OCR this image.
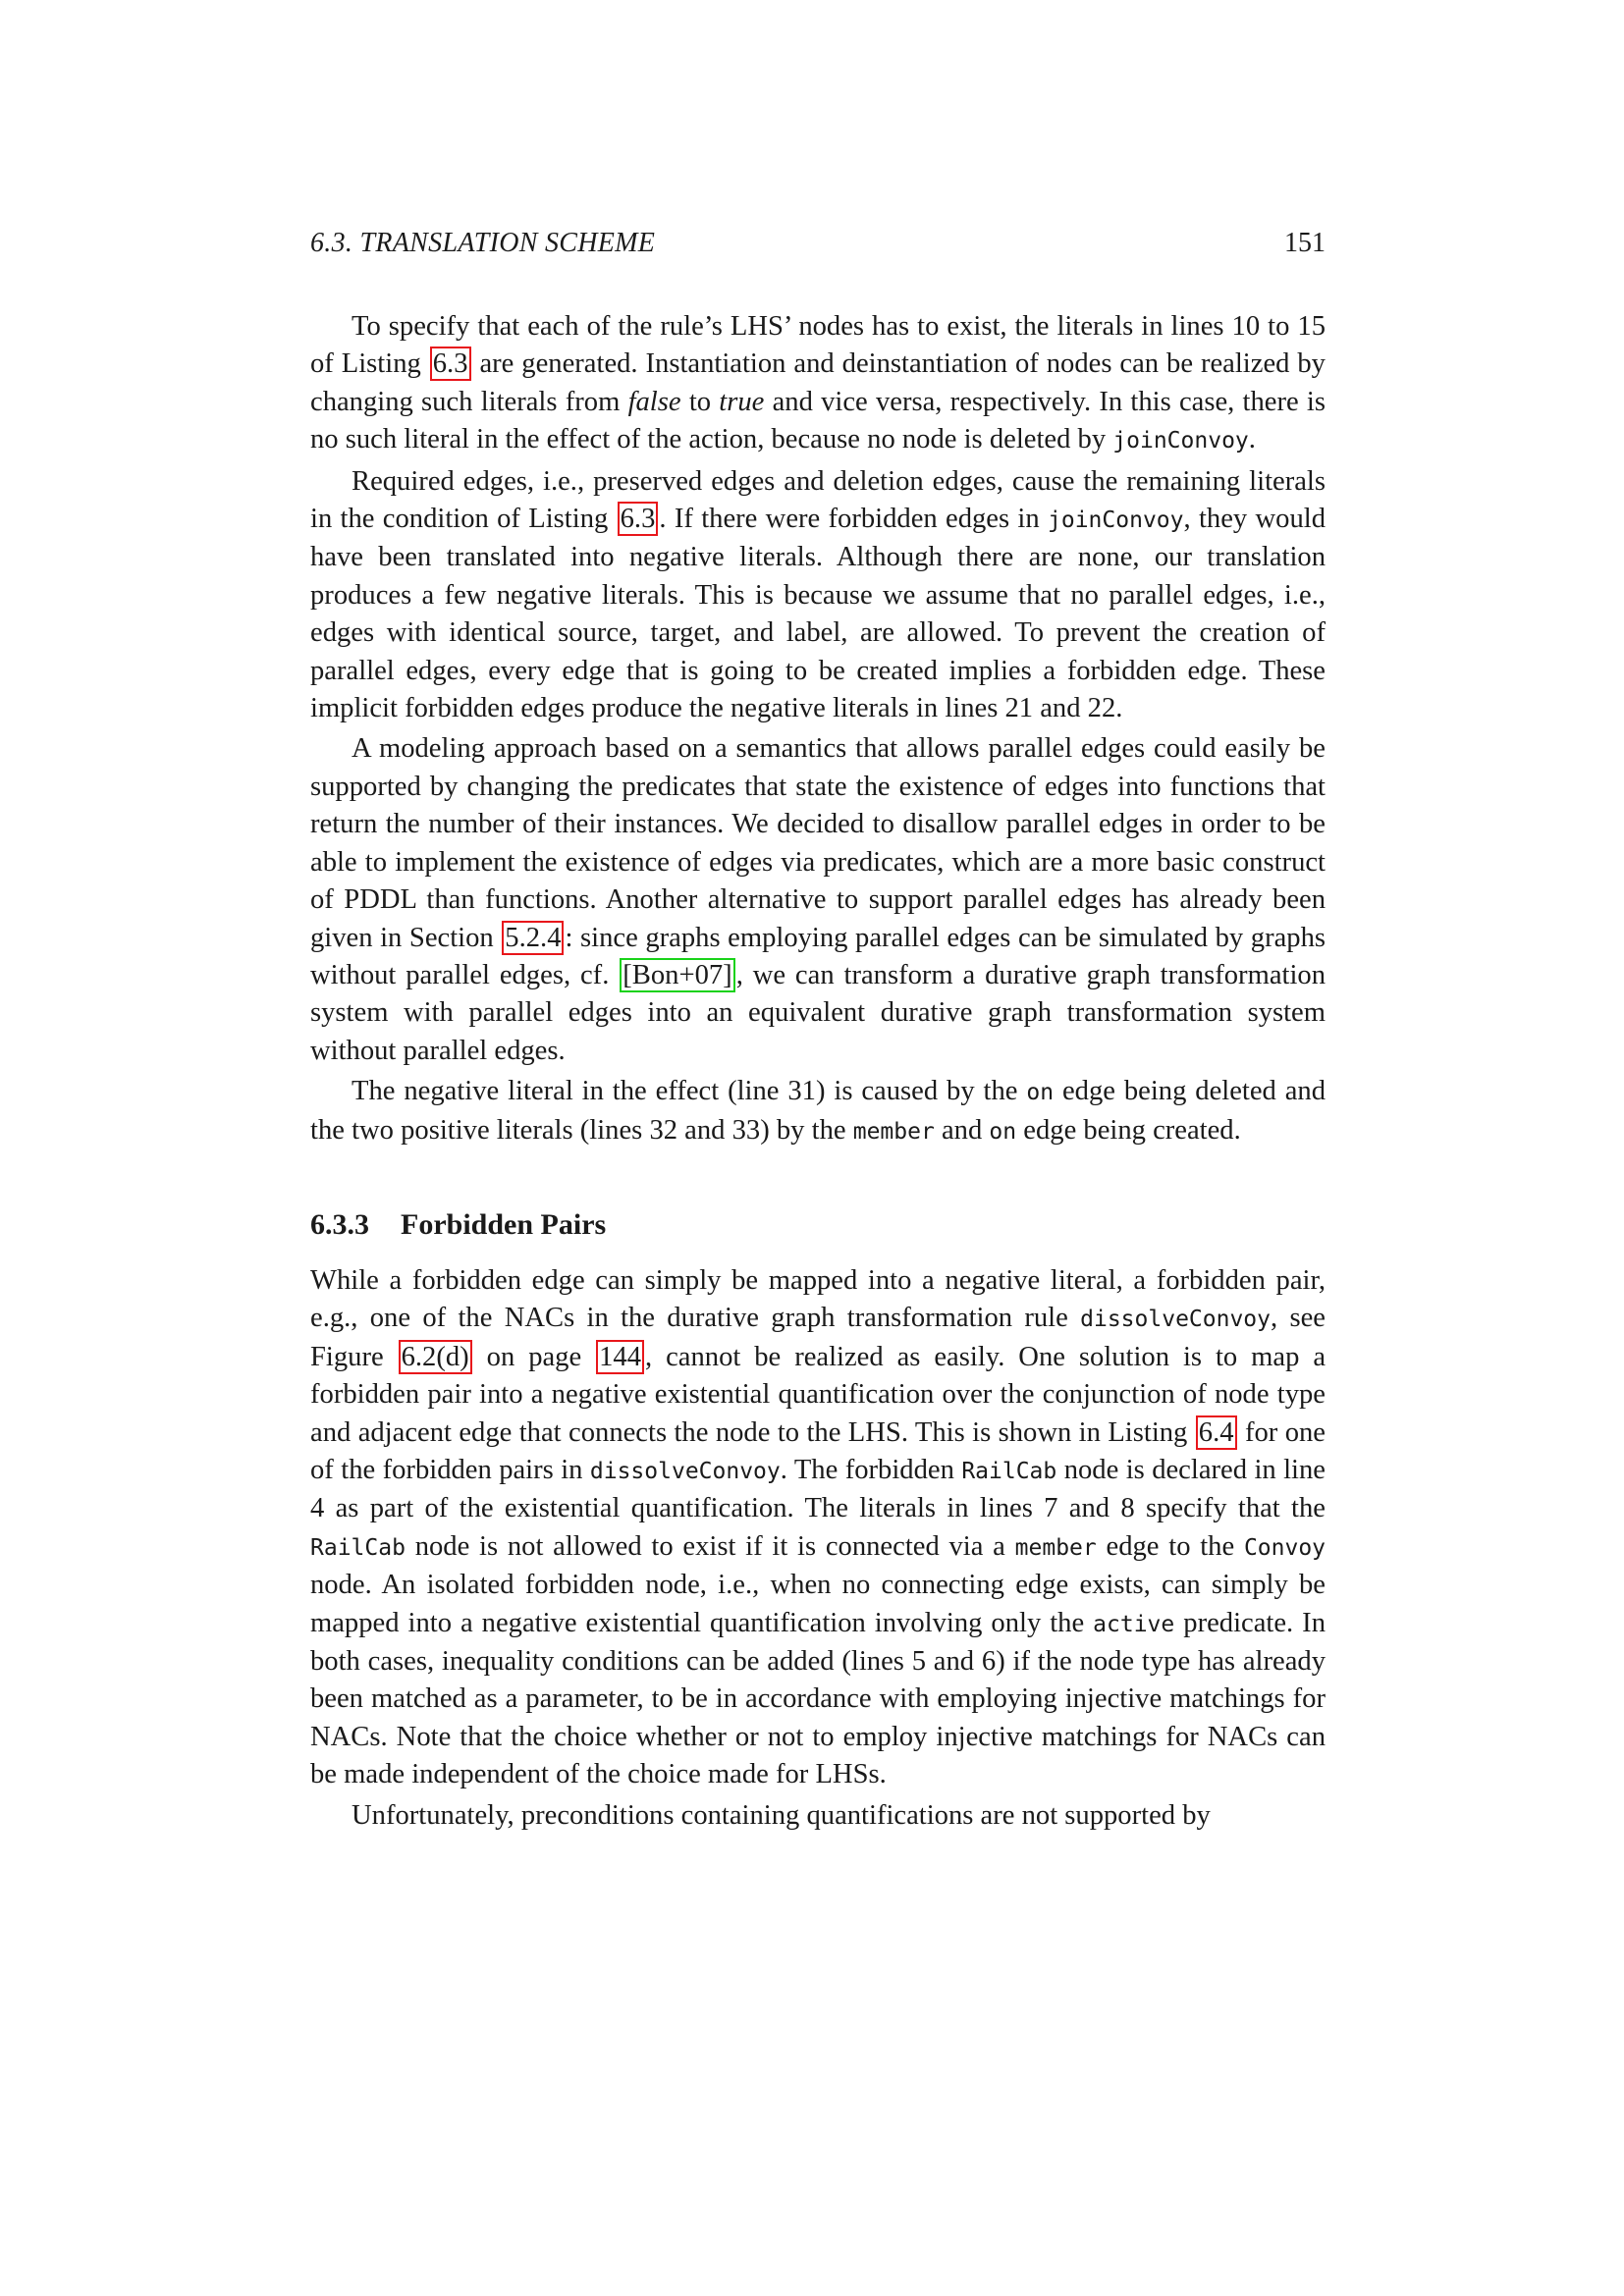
6.3. TRANSLATION SCHEME	151

To specify that each of the rule’s LHS’ nodes has to exist, the literals in lines 10 to 15 of Listing 6.3 are generated. Instantiation and deinstantiation of nodes can be realized by changing such literals from false to true and vice versa, respectively. In this case, there is no such literal in the effect of the action, because no node is deleted by joinConvoy.

Required edges, i.e., preserved edges and deletion edges, cause the remaining literals in the condition of Listing 6.3 . If there were forbidden edges in joinConvoy, they would have been translated into negative literals. Although there are none, our translation produces a few negative literals. This is because we assume that no parallel edges, i.e., edges with identical source, target, and label, are allowed. To prevent the creation of parallel edges, every edge that is going to be created implies a forbidden edge. These implicit forbidden edges produce the negative literals in lines 21 and 22.

A modeling approach based on a semantics that allows parallel edges could easily be supported by changing the predicates that state the existence of edges into functions that return the number of their instances. We decided to disallow parallel edges in order to be able to implement the existence of edges via predicates, which are a more basic construct of PDDL than functions. Another alternative to support parallel edges has already been given in Section 5.2.4 : since graphs employing parallel edges can be simulated by graphs without parallel edges, cf. [Bon+07] , we can transform a durative graph transformation system with parallel edges into an equivalent durative graph transformation system without parallel edges.

The negative literal in the effect (line 31) is caused by the on edge being deleted and the two positive literals (lines 32 and 33) by the member and on edge being created.

6.3.3 Forbidden Pairs

While a forbidden edge can simply be mapped into a negative literal, a forbidden pair, e.g., one of the NACs in the durative graph transformation rule dissolveConvoy, see Figure 6.2(d) on page 144 , cannot be realized as easily. One solution is to map a forbidden pair into a negative existential quantification over the conjunction of node type and adjacent edge that connects the node to the LHS. This is shown in Listing 6.4 for one of the forbidden pairs in dissolveConvoy. The forbidden RailCab node is declared in line 4 as part of the existential quantification. The literals in lines 7 and 8 specify that the RailCab node is not allowed to exist if it is connected via a member edge to the Convoy node. An isolated forbidden node, i.e., when no connecting edge exists, can simply be mapped into a negative existential quantification involving only the active predicate. In both cases, inequality conditions can be added (lines 5 and 6) if the node type has already been matched as a parameter, to be in accordance with employing injective matchings for NACs. Note that the choice whether or not to employ injective matchings for NACs can be made independent of the choice made for LHSs.

Unfortunately, preconditions containing quantifications are not supported by
